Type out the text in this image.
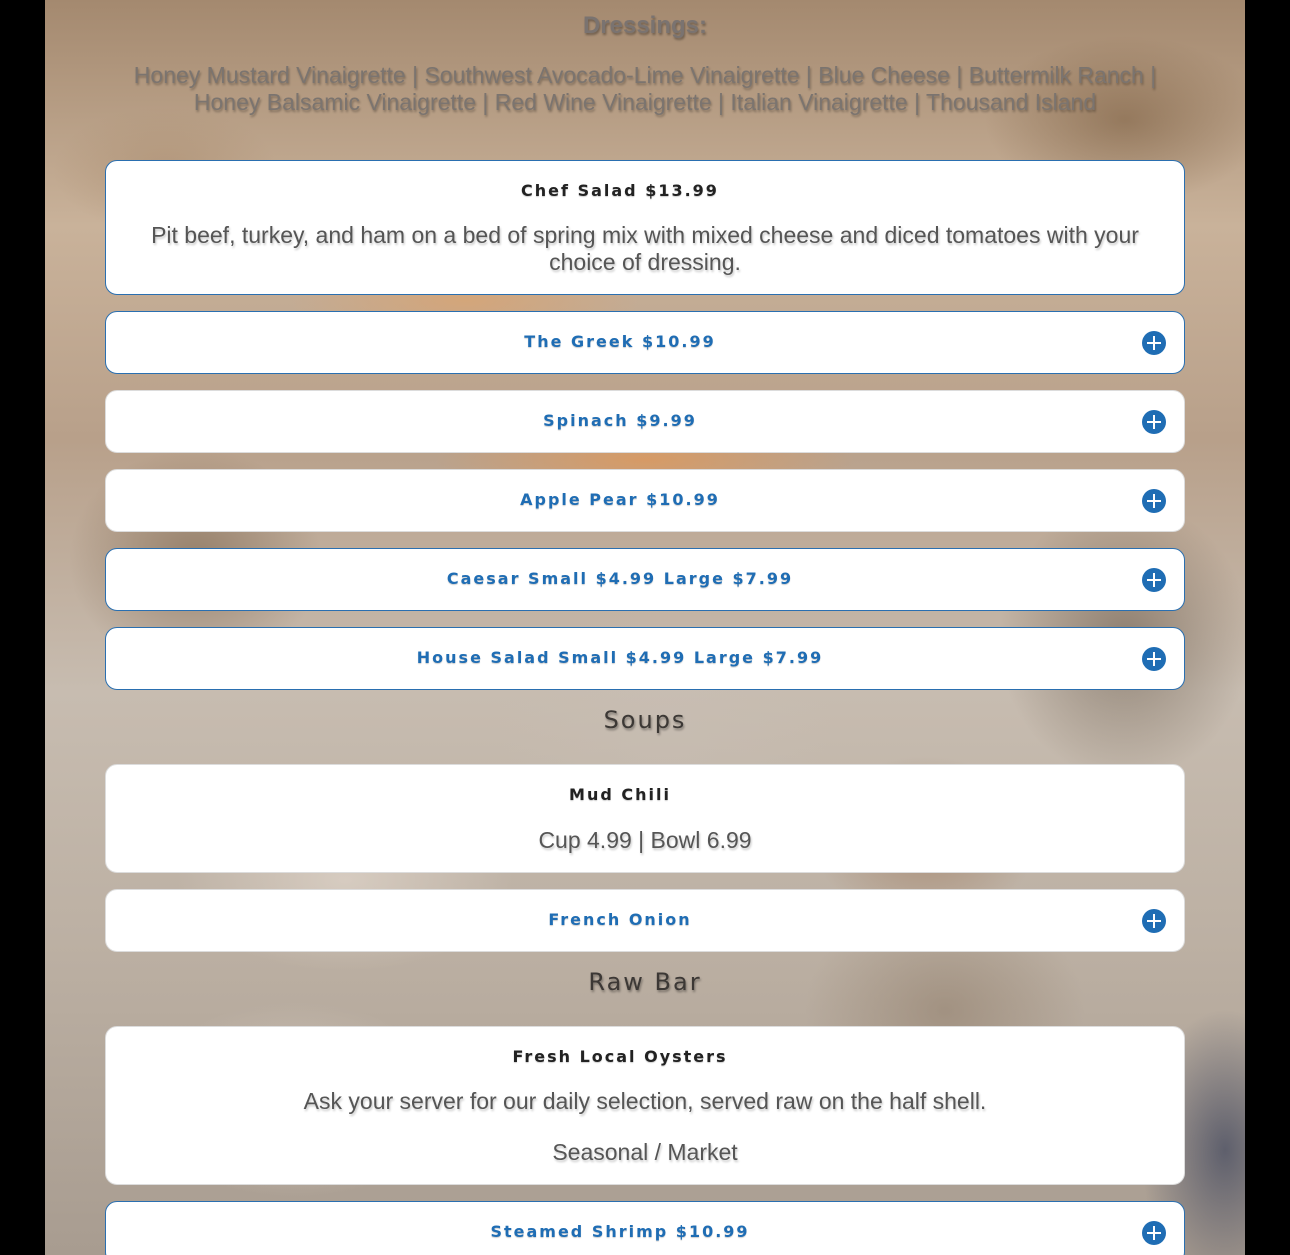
Dressings:
Honey Mustard Vinaigrette | Southwest Avocado-Lime Vinaigrette | Blue Cheese | Buttermilk Ranch | Honey Balsamic Vinaigrette | Red Wine Vinaigrette | Italian Vinaigrette | Thousand Island
Chef Salad $13.99
Pit beef, turkey, and ham on a bed of spring mix with mixed cheese and diced tomatoes with your choice of dressing.
The Greek $10.99
Spinach $9.99
Apple Pear $10.99
Caesar Small $4.99 Large $7.99
House Salad Small $4.99 Large $7.99
Soups
Mud Chili
Cup 4.99 | Bowl 6.99
French Onion
Raw Bar
Fresh Local Oysters
Ask your server for our daily selection, served raw on the half shell.
Seasonal / Market
Steamed Shrimp $10.99
